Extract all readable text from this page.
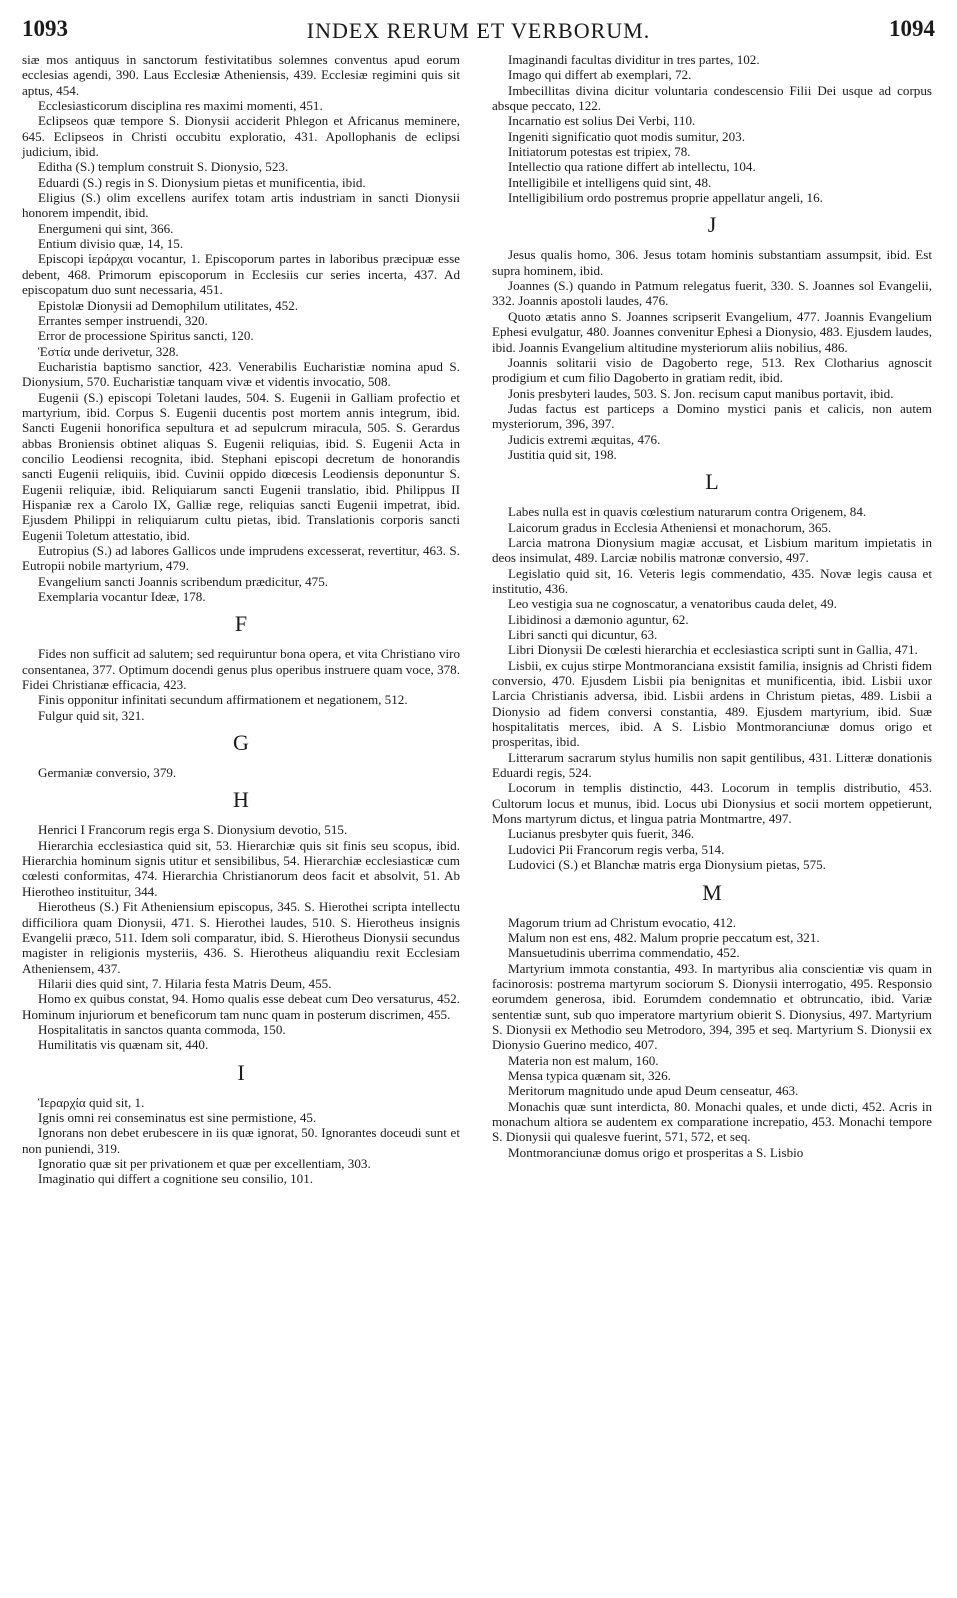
1093	INDEX RERUM ET VERBORUM.	1094
siæ mos antiquus in sanctorum festivitatibus solemnes conventus apud eorum ecclesias agendi, 390. Laus Ecclesiæ Atheniensis, 439. Ecclesiæ regimini quis sit aptus, 454.
Ecclesiasticorum disciplina res maximi momenti, 451.
Eclipseos quæ tempore S. Dionysii acciderit Phlegon et Africanus meminere, 645. Eclipseos in Christi occubitu exploratio, 431. Apollophanis de eclipsi judicium, ibid.
Editha (S.) templum construit S. Dionysio, 523.
Eduardi (S.) regis in S. Dionysium pietas et munificentia, ibid.
Eligius (S.) olim excellens aurifex totam artis industriam in sancti Dionysii honorem impendit, ibid.
Energumeni qui sint, 366.
Entium divisio quæ, 14, 15.
Episcopi ἱεράρχαι vocantur, 1. Episcoporum partes in laboribus præcipuæ esse debent, 468. Primorum episcoporum in Ecclesiis cur series incerta, 437. Ad episcopatum duo sunt necessaria, 451.
Epistolæ Dionysii ad Demophilum utilitates, 452.
Errantes semper instruendi, 320.
Error de processione Spiritus sancti, 120.
Ἑστία unde derivetur, 328.
Eucharistia baptismo sanctior, 423. Venerabilis Eucharistiæ nomina apud S. Dionysium, 570. Eucharistiæ tanquam vivæ et videntis invocatio, 508.
Eugenii (S.) episcopi Toletani laudes, 504. S. Eugenii in Galliam profectio et martyrium, ibid. Corpus S. Eugenii ducentis post mortem annis integrum, ibid. Sancti Eugenii honorifica sepultura et ad sepulcrum miracula, 505. S. Gerardus abbas Broniensis obtinet aliquas S. Eugenii reliquias, ibid. S. Eugenii Acta in concilio Leodiensi recognita, ibid. Stephani episcopi decretum de honorandis sancti Eugenii reliquiis, ibid. Cuvinii oppido diœcesis Leodiensis deponuntur S. Eugenii reliquiæ, ibid. Reliquiarum sancti Eugenii translatio, ibid. Philippus II Hispaniæ rex a Carolo IX, Galliæ rege, reliquias sancti Eugenii impetrat, ibid. Ejusdem Philippi in reliquiarum cultu pietas, ibid. Translationis corporis sancti Eugenii Toletum attestatio, ibid.
Eutropius (S.) ad labores Gallicos unde imprudens excesserat, revertitur, 463. S. Eutropii nobile martyrium, 479.
Evangelium sancti Joannis scribendum prædicitur, 475.
Exemplaria vocantur Ideæ, 178.
F
Fides non sufficit ad salutem; sed requiruntur bona opera, et vita Christiano viro consentanea, 377. Optimum docendi genus plus operibus instruere quam voce, 378. Fidei Christianæ efficacia, 423.
Finis opponitur infinitati secundum affirmationem et negationem, 512.
Fulgur quid sit, 321.
G
Germaniæ conversio, 379.
H
Henrici I Francorum regis erga S. Dionysium devotio, 515.
Hierarchia ecclesiastica quid sit, 53. Hierarchiæ quis sit finis seu scopus, ibid. Hierarchia hominum signis utitur et sensibilibus, 54. Hierarchiæ ecclesiasticæ cum cœlesti conformitas, 474. Hierarchia Christianorum deos facit et absolvit, 51. Ab Hierotheo instituitur, 344.
Hierotheus (S.) Fit Atheniensium episcopus, 345. S. Hierothei scripta intellectu difficiliora quam Dionysii, 471. S. Hierothei laudes, 510. S. Hierotheus insignis Evangelii præco, 511. Idem soli comparatur, ibid. S. Hierotheus Dionysii secundus magister in religionis mysteriis, 436. S. Hierotheus aliquandiu rexit Ecclesiam Atheniensem, 437.
Hilarii dies quid sint, 7. Hilaria festa Matris Deum, 455.
Homo ex quibus constat, 94. Homo qualis esse debeat cum Deo versaturus, 452. Hominum injuriorum et beneficorum tam nunc quam in posterum discrimen, 455.
Hospitalitatis in sanctos quanta commoda, 150.
Humilitatis vis quænam sit, 440.
I
Ἱεραρχία quid sit, 1.
Ignis omni rei conseminatus est sine permistione, 45.
Ignorans non debet erubescere in iis quæ ignorat, 50. Ignorantes doceudi sunt et non puniendi, 319.
Ignoratio quæ sit per privationem et quæ per excellentiam, 303.
Imaginatio qui differt a cognitione seu consilio, 101.
Imaginandi facultas dividitur in tres partes, 102.
Imago qui differt ab exemplari, 72.
Imbecillitas divina dicitur voluntaria condescensio Filii Dei usque ad corpus absque peccato, 122.
Incarnatio est solius Dei Verbi, 110.
Ingeniti significatio quot modis sumitur, 203.
Initiatorum potestas est tripiex, 78.
Intellectio qua ratione differt ab intellectu, 104.
Intelligibile et intelligens quid sint, 48.
Intelligibilium ordo postremus proprie appellatur angeli, 16.
J
Jesus qualis homo, 306. Jesus totam hominis substantiam assumpsit, ibid. Est supra hominem, ibid.
Joannes (S.) quando in Patmum relegatus fuerit, 330. S. Joannes sol Evangelii, 332. Joannis apostoli laudes, 476.
Quoto ætatis anno S. Joannes scripserit Evangelium, 477. Joannis Evangelium Ephesi evulgatur, 480. Joannes convenitur Ephesi a Dionysio, 483. Ejusdem laudes, ibid. Joannis Evangelium altitudine mysteriorum aliis nobilius, 486.
Joannis solitarii visio de Dagoberto rege, 513. Rex Clotharius agnoscit prodigium et cum filio Dagoberto in gratiam redit, ibid.
Jonis presbyteri laudes, 503. S. Jon. recisum caput manibus portavit, ibid.
Judas factus est particeps a Domino mystici panis et calicis, non autem mysteriorum, 396, 397.
Judicis extremi æquitas, 476.
Justitia quid sit, 198.
L
Labes nulla est in quavis cœlestium naturarum contra Origenem, 84.
Laicorum gradus in Ecclesia Atheniensi et monachorum, 365.
Larcia matrona Dionysium magiæ accusat, et Lisbium maritum impietatis in deos insimulat, 489. Larciæ nobilis matronæ conversio, 497.
Legislatio quid sit, 16. Veteris legis commendatio, 435. Novæ legis causa et institutio, 436.
Leo vestigia sua ne cognoscatur, a venatoribus cauda delet, 49.
Libidinosi a dæmonio aguntur, 62.
Libri sancti qui dicuntur, 63.
Libri Dionysii De cœlesti hierarchia et ecclesiastica scripti sunt in Gallia, 471.
Lisbii, ex cujus stirpe Montmoranciana exsistit familia, insignis ad Christi fidem conversio, 470. Ejusdem Lisbii pia benignitas et munificentia, ibid. Lisbii uxor Larcia Christianis adversa, ibid. Lisbii ardens in Christum pietas, 489. Lisbii a Dionysio ad fidem conversi constantia, 489. Ejusdem martyrium, ibid. Suæ hospitalitatis merces, ibid. A S. Lisbio Montmoranciunæ domus origo et prosperitas, ibid.
Litterarum sacrarum stylus humilis non sapit gentilibus, 431. Litteræ donationis Eduardi regis, 524.
Locorum in templis distinctio, 443. Locorum in templis distributio, 453. Cultorum locus et munus, ibid. Locus ubi Dionysius et socii mortem oppetierunt, Mons martyrum dictus, et lingua patria Montmartre, 497.
Lucianus presbyter quis fuerit, 346.
Ludovici Pii Francorum regis verba, 514.
Ludovici (S.) et Blanchæ matris erga Dionysium pietas, 575.
M
Magorum trium ad Christum evocatio, 412.
Malum non est ens, 482. Malum proprie peccatum est, 321.
Mansuetudinis uberrima commendatio, 452.
Martyrium immota constantia, 493. In martyribus alia conscientiæ vis quam in facinorosis: postrema martyrum sociorum S. Dionysii interrogatio, 495. Responsio eorumdem generosa, ibid. Eorumdem condemnatio et obtruncatio, ibid. Variæ sententiæ sunt, sub quo imperatore martyrium obierit S. Dionysius, 497. Martyrium S. Dionysii ex Methodio seu Metrodoro, 394, 395 et seq. Martyrium S. Dionysii ex Dionysio Guerino medico, 407.
Materia non est malum, 160.
Mensa typica quænam sit, 326.
Meritorum magnitudo unde apud Deum censeatur, 463.
Monachis quæ sunt interdicta, 80. Monachi quales, et unde dicti, 452. Acris in monachum altiora se audentem ex comparatione increpatio, 453. Monachi tempore S. Dionysii qui qualesve fuerint, 571, 572, et seq.
Montmoranciunæ domus origo et prosperitas a S. Lisbio
